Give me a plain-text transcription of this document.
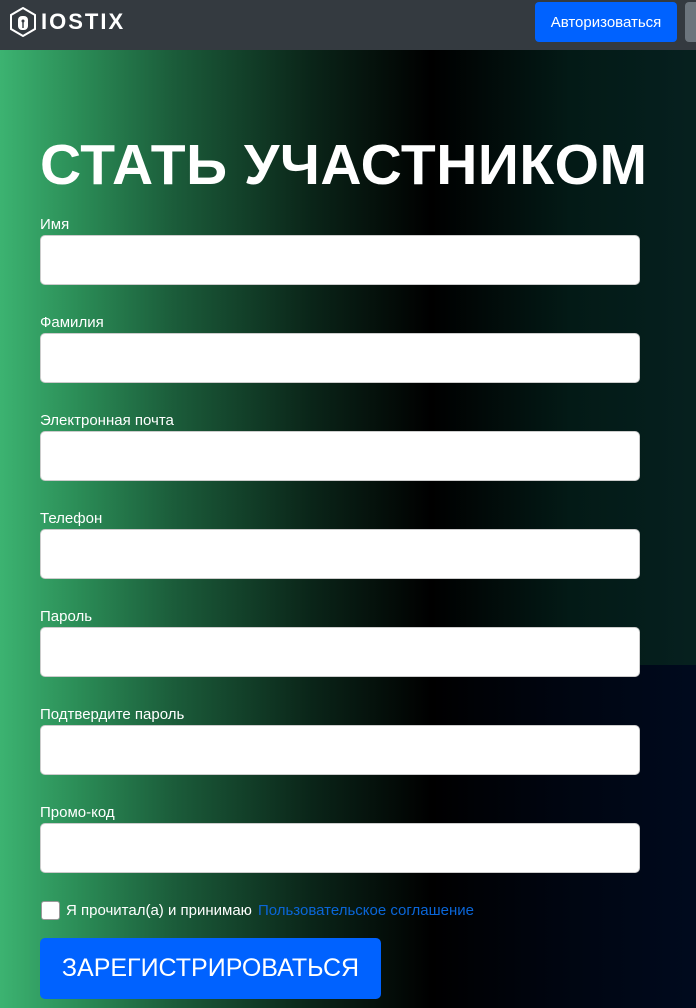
IOSTIX	Авторизоваться
СТАТЬ УЧАСТНИКОМ
Имя
Фамилия
Электронная почта
Телефон
Пароль
Подтвердите пароль
Промо-код
Я прочитал(а) и принимаю Пользовательское соглашение
ЗАРЕГИСТРИРОВАТЬСЯ
